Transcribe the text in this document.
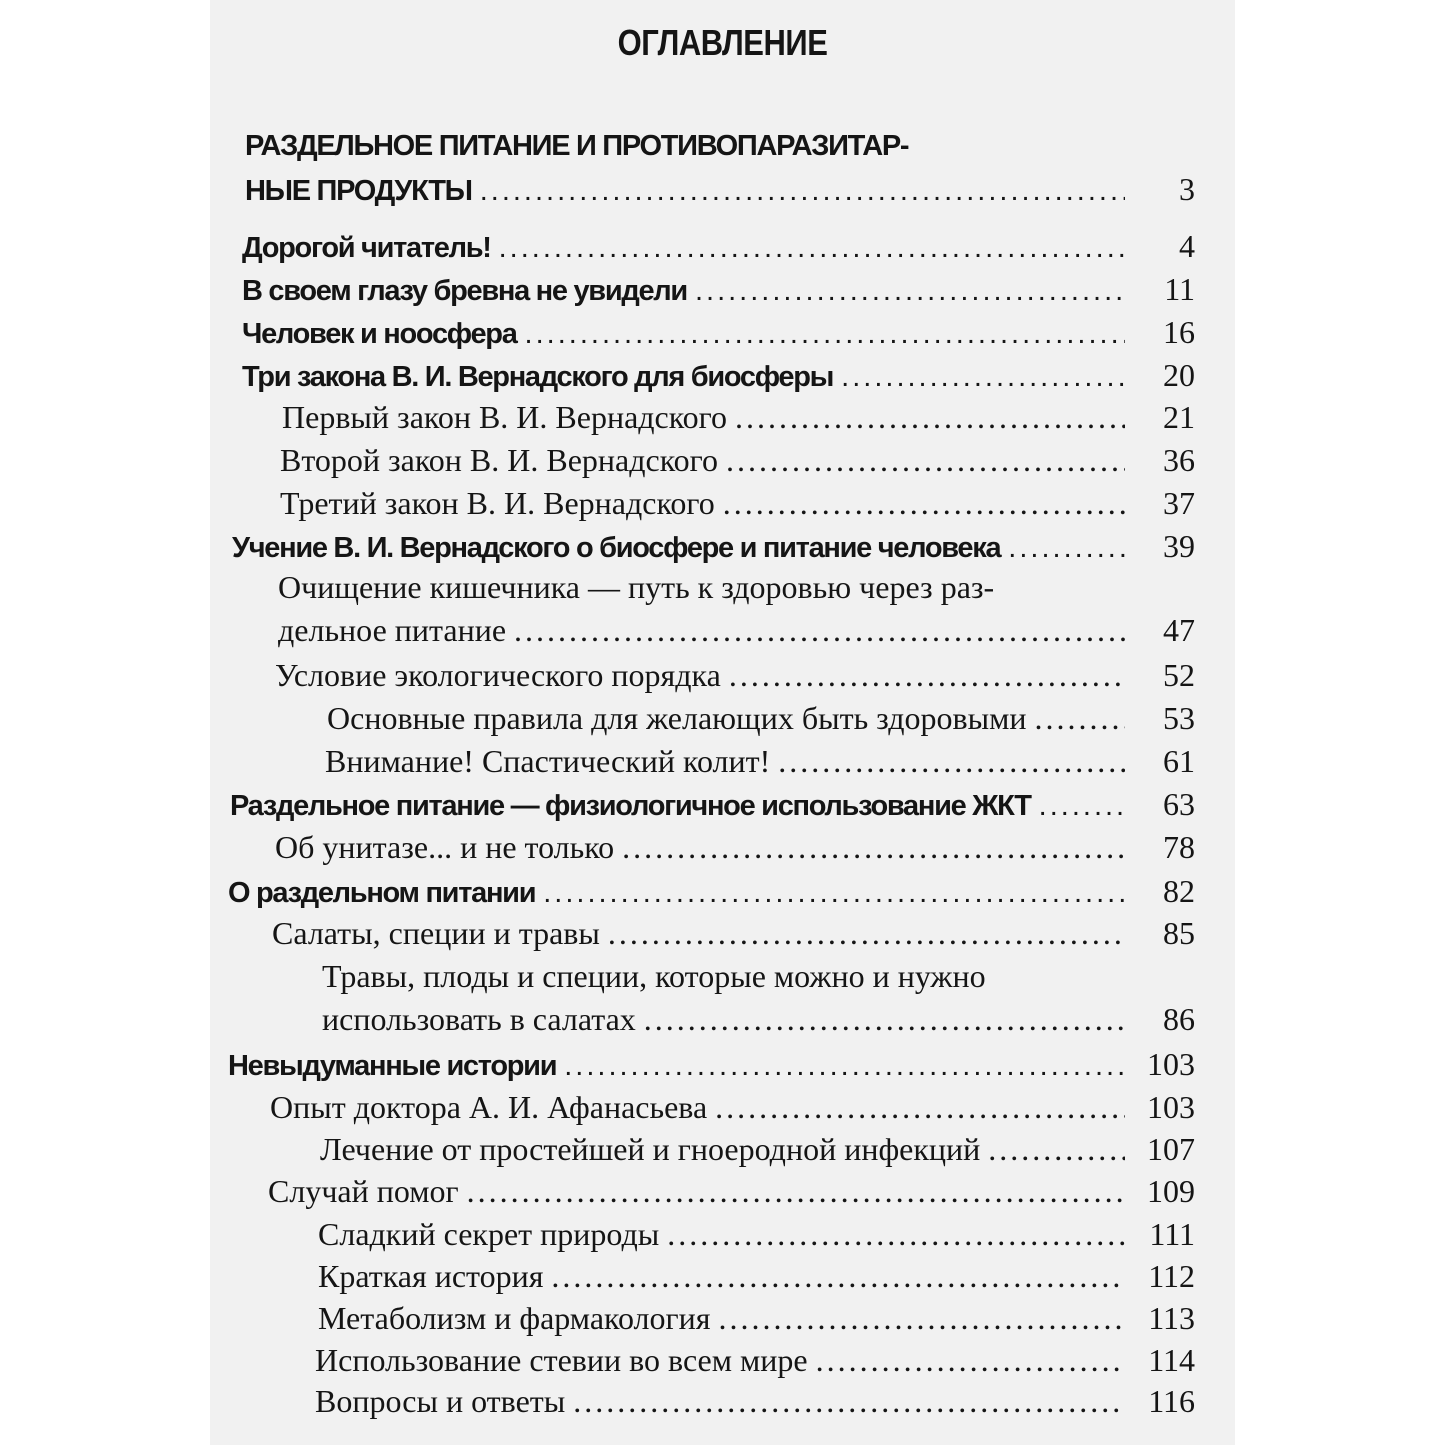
ОГЛАВЛЕНИЕ
РАЗДЕЛЬНОЕ ПИТАНИЕ И ПРОТИВОПАРАЗИТАР-
НЫЕ ПРОДУКТЫ .....	3
Дорогой читатель! .....	4
В своем глазу бревна не увидели .....	11
Человек и ноосфера .....	16
Три закона В. И. Вернадского для биосферы .....	20
Первый закон В. И. Вернадского .....	21
Второй закон В. И. Вернадского .....	36
Третий закон В. И. Вернадского .....	37
Учение В. И. Вернадского о биосфере и питание человека .....	39
Очищение кишечника — путь к здоровью через раз-
дельное питание .....	47
Условие экологического порядка .....	52
Основные правила для желающих быть здоровыми .....	53
Внимание! Спастический колит! .....	61
Раздельное питание — физиологичное использование ЖКТ .....	63
Об унитазе... и не только .....	78
О раздельном питании .....	82
Салаты, специи и травы .....	85
Травы, плоды и специи, которые можно и нужно
использовать в салатах .....	86
Невыдуманные истории .....	103
Опыт доктора А. И. Афанасьева .....	103
Лечение от простейшей и гноеродной инфекций .....	107
Случай помог .....	109
Сладкий секрет природы .....	111
Краткая история .....	112
Метаболизм и фармакология .....	113
Использование стевии во всем мире .....	114
Вопросы и ответы .....	116
